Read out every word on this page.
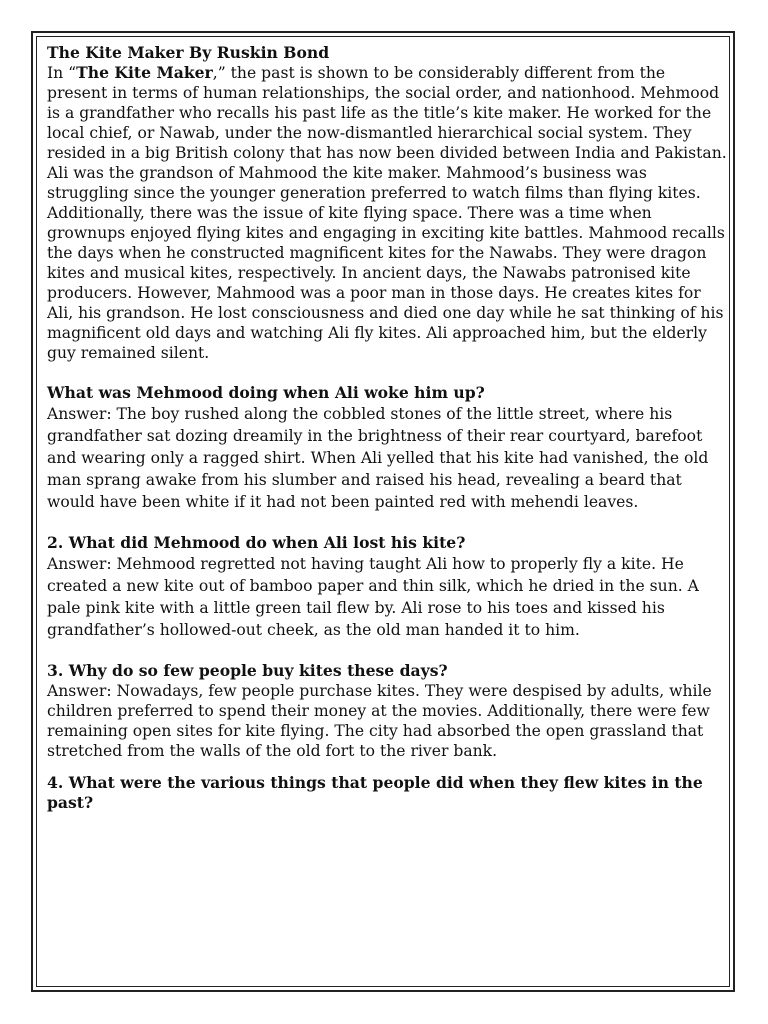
The Kite Maker By Ruskin Bond

In “The Kite Maker,” the past is shown to be considerably different from the present in terms of human relationships, the social order, and nationhood. Mehmood is a grandfather who recalls his past life as the title’s kite maker. He worked for the local chief, or Nawab, under the now-dismantled hierarchical social system. They resided in a big British colony that has now been divided between India and Pakistan.

Ali was the grandson of Mahmood the kite maker. Mahmood’s business was struggling since the younger generation preferred to watch films than flying kites. Additionally, there was the issue of kite flying space. There was a time when grownups enjoyed flying kites and engaging in exciting kite battles. Mahmood recalls the days when he constructed magnificent kites for the Nawabs. They were dragon kites and musical kites, respectively. In ancient days, the Nawabs patronised kite producers. However, Mahmood was a poor man in those days. He creates kites for Ali, his grandson. He lost consciousness and died one day while he sat thinking of his magnificent old days and watching Ali fly kites. Ali approached him, but the elderly guy remained silent.

What was Mehmood doing when Ali woke him up?

Answer: The boy rushed along the cobbled stones of the little street, where his grandfather sat dozing dreamily in the brightness of their rear courtyard, barefoot and wearing only a ragged shirt. When Ali yelled that his kite had vanished, the old man sprang awake from his slumber and raised his head, revealing a beard that would have been white if it had not been painted red with mehendi leaves.

2. What did Mehmood do when Ali lost his kite?

Answer: Mehmood regretted not having taught Ali how to properly fly a kite. He created a new kite out of bamboo paper and thin silk, which he dried in the sun. A pale pink kite with a little green tail flew by. Ali rose to his toes and kissed his grandfather’s hollowed-out cheek, as the old man handed it to him.

3. Why do so few people buy kites these days?

Answer: Nowadays, few people purchase kites. They were despised by adults, while children preferred to spend their money at the movies. Additionally, there were few remaining open sites for kite flying. The city had absorbed the open grassland that stretched from the walls of the old fort to the river bank.

4. What were the various things that people did when they flew kites in the past?
